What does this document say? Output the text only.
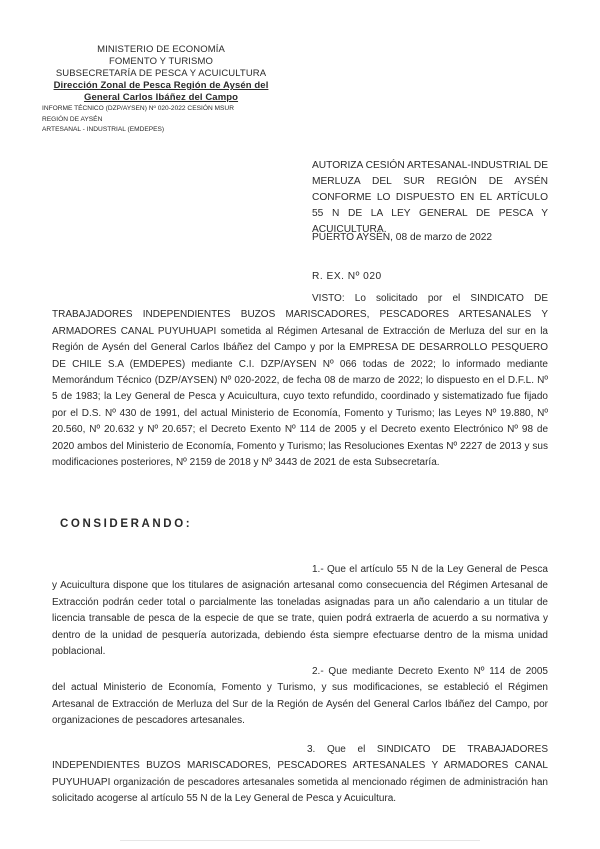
MINISTERIO DE ECONOMÍA
FOMENTO Y TURISMO
SUBSECRETARÍA DE PESCA Y ACUICULTURA
Dirección Zonal de Pesca Región de Aysén del
General Carlos Ibáñez del Campo
INFORME TÉCNICO (DZP/AYSEN) Nº 020-2022 CESIÓN MSUR
REGIÓN DE AYSÉN
ARTESANAL - INDUSTRIAL (EMDEPES)
AUTORIZA CESIÓN ARTESANAL-INDUSTRIAL DE MERLUZA DEL SUR REGIÓN DE AYSÉN CONFORME LO DISPUESTO EN EL ARTÍCULO 55 N DE LA LEY GENERAL DE PESCA Y ACUICULTURA.
PUERTO AYSÉN, 08 de marzo de 2022
R. EX. Nº 020
VISTO: Lo solicitado por el SINDICATO DE TRABAJADORES INDEPENDIENTES BUZOS MARISCADORES, PESCADORES ARTESANALES Y ARMADORES CANAL PUYUHUAPI sometida al Régimen Artesanal de Extracción de Merluza del sur en la Región de Aysén del General Carlos Ibáñez del Campo y por la EMPRESA DE DESARROLLO PESQUERO DE CHILE S.A (EMDEPES) mediante C.I. DZP/AYSEN Nº 066 todas de 2022; lo informado mediante Memorándum Técnico (DZP/AYSEN) Nº 020-2022, de fecha 08 de marzo de 2022; lo dispuesto en el D.F.L. Nº 5 de 1983; la Ley General de Pesca y Acuicultura, cuyo texto refundido, coordinado y sistematizado fue fijado por el D.S. Nº 430 de 1991, del actual Ministerio de Economía, Fomento y Turismo; las Leyes Nº 19.880, Nº 20.560, Nº 20.632 y Nº 20.657; el Decreto Exento Nº 114 de 2005 y el Decreto exento Electrónico Nº 98 de 2020 ambos del Ministerio de Economía, Fomento y Turismo; las Resoluciones Exentas Nº 2227 de 2013 y sus modificaciones posteriores, Nº 2159 de 2018 y Nº 3443 de 2021 de esta Subsecretaría.
CONSIDERANDO:
1.- Que el artículo 55 N de la Ley General de Pesca y Acuicultura dispone que los titulares de asignación artesanal como consecuencia del Régimen Artesanal de Extracción podrán ceder total o parcialmente las toneladas asignadas para un año calendario a un titular de licencia transable de pesca de la especie de que se trate, quien podrá extraerla de acuerdo a su normativa y dentro de la unidad de pesquería autorizada, debiendo ésta siempre efectuarse dentro de la misma unidad poblacional.
2.- Que mediante Decreto Exento Nº 114 de 2005 del actual Ministerio de Economía, Fomento y Turismo, y sus modificaciones, se estableció el Régimen Artesanal de Extracción de Merluza del Sur de la Región de Aysén del General Carlos Ibáñez del Campo, por organizaciones de pescadores artesanales.
3. Que el SINDICATO DE TRABAJADORES INDEPENDIENTES BUZOS MARISCADORES, PESCADORES ARTESANALES Y ARMADORES CANAL PUYUHUAPI organización de pescadores artesanales sometida al mencionado régimen de administración han solicitado acogerse al artículo 55 N de la Ley General de Pesca y Acuicultura.
